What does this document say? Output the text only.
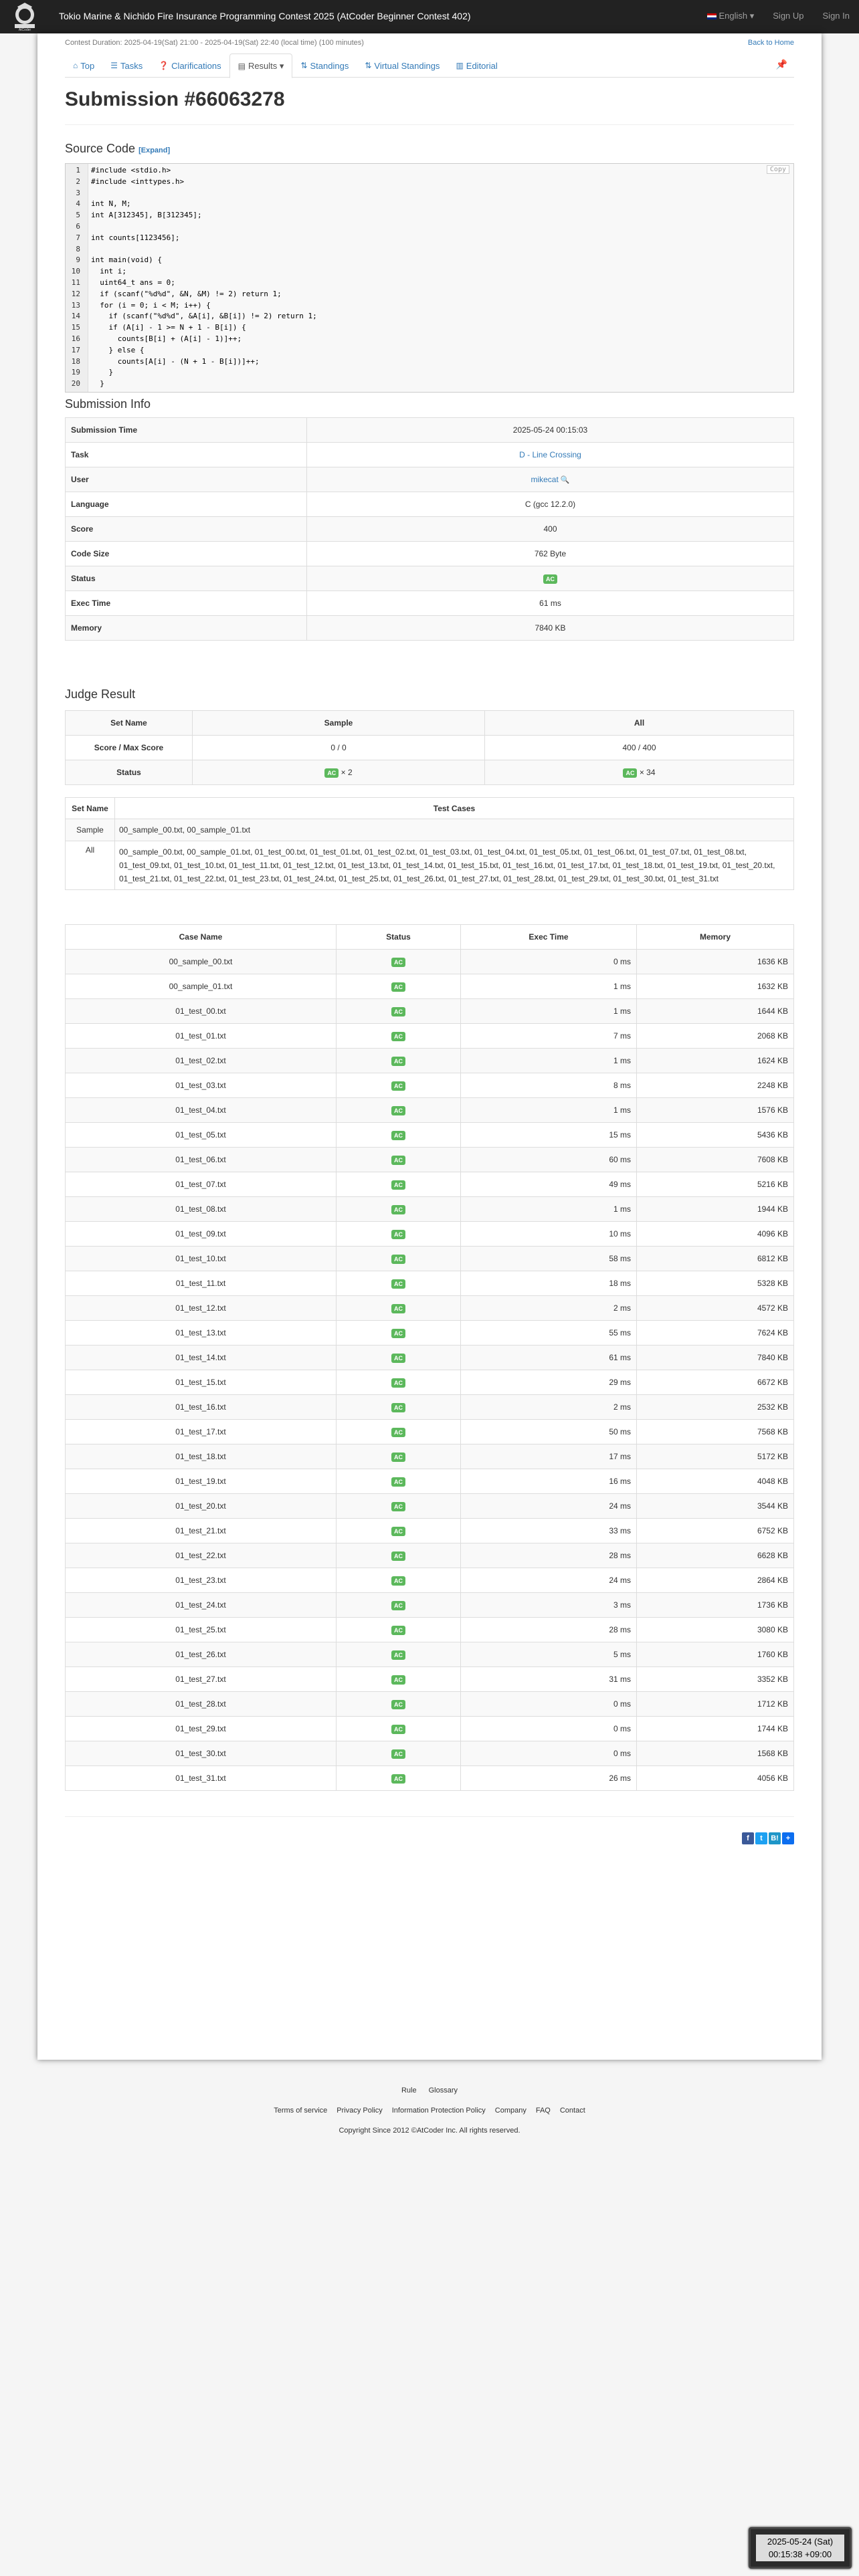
AtCoder
Tokio Marine & Nichido Fire Insurance Programming Contest 2025 (AtCoder Beginner Contest 402)	English ▾ Sign Up Sign In
Contest Duration: 2025-04-19(Sat) 21:00 - 2025-04-19(Sat) 22:40 (local time) (100 minutes)	Back to Home
⌂ Top ☰ Tasks ❓ Clarifications ▤ Results ▾	⇅ Standings ⇅ Virtual Standings ▥ Editorial	📌
Submission #66063278
Source Code [Expand]
Copy
1 #include <stdio.h>
2 #include <inttypes.h>
3
4 int N, M;
5 int A[312345], B[312345];
6
7 int counts[1123456];
8
9 int main(void) {
10 int i;
11 uint64_t ans = 0;
12 if (scanf("%d%d", &N, &M) != 2) return 1;
13 for (i = 0; i < M; i++) {
14 if (scanf("%d%d", &A[i], &B[i]) != 2) return 1;
15 if (A[i] - 1 >= N + 1 - B[i]) {
16 counts[B[i] + (A[i] - 1)]++;
17 } else {
18 counts[A[i] - (N + 1 - B[i])]++;
19 }
20 }
Submission Info
Submission Time	2025-05-24 00:15:03
Task	D - Line Crossing
User	mikecat 🔍
Language	C (gcc 12.2.0)
Score	400
Code Size	762 Byte
Status	AC
Exec Time	61 ms
Memory	7840 KB
Judge Result
Set Name	Sample	All
Score / Max Score	0 / 0	400 / 400
Status	AC × 2	AC × 34
Set Name	Test Cases
Sample	00_sample_00.txt, 00_sample_01.txt
All	00_sample_00.txt, 00_sample_01.txt, 01_test_00.txt, 01_test_01.txt, 01_test_02.txt, 01_test_03.txt, 01_test_04.txt, 01_test_05.txt, 01_test_06.txt, 01_test_07.txt, 01_test_08.txt, 01_test_09.txt, 01_test_10.txt, 01_test_11.txt, 01_test_12.txt, 01_test_13.txt, 01_test_14.txt, 01_test_15.txt, 01_test_16.txt, 01_test_17.txt, 01_test_18.txt, 01_test_19.txt, 01_test_20.txt, 01_test_21.txt, 01_test_22.txt, 01_test_23.txt, 01_test_24.txt, 01_test_25.txt, 01_test_26.txt, 01_test_27.txt, 01_test_28.txt, 01_test_29.txt, 01_test_30.txt, 01_test_31.txt
Case Name	Status	Exec Time	Memory
00_sample_00.txt	AC	0 ms	1636 KB
00_sample_01.txt	AC	1 ms	1632 KB
01_test_00.txt	AC	1 ms	1644 KB
01_test_01.txt	AC	7 ms	2068 KB
01_test_02.txt	AC	1 ms	1624 KB
01_test_03.txt	AC	8 ms	2248 KB
01_test_04.txt	AC	1 ms	1576 KB
01_test_05.txt	AC	15 ms	5436 KB
01_test_06.txt	AC	60 ms	7608 KB
01_test_07.txt	AC	49 ms	5216 KB
01_test_08.txt	AC	1 ms	1944 KB
01_test_09.txt	AC	10 ms	4096 KB
01_test_10.txt	AC	58 ms	6812 KB
01_test_11.txt	AC	18 ms	5328 KB
01_test_12.txt	AC	2 ms	4572 KB
01_test_13.txt	AC	55 ms	7624 KB
01_test_14.txt	AC	61 ms	7840 KB
01_test_15.txt	AC	29 ms	6672 KB
01_test_16.txt	AC	2 ms	2532 KB
01_test_17.txt	AC	50 ms	7568 KB
01_test_18.txt	AC	17 ms	5172 KB
01_test_19.txt	AC	16 ms	4048 KB
01_test_20.txt	AC	24 ms	3544 KB
01_test_21.txt	AC	33 ms	6752 KB
01_test_22.txt	AC	28 ms	6628 KB
01_test_23.txt	AC	24 ms	2864 KB
01_test_24.txt	AC	3 ms	1736 KB
01_test_25.txt	AC	28 ms	3080 KB
01_test_26.txt	AC	5 ms	1760 KB
01_test_27.txt	AC	31 ms	3352 KB
01_test_28.txt	AC	0 ms	1712 KB
01_test_29.txt	AC	0 ms	1744 KB
01_test_30.txt	AC	0 ms	1568 KB
01_test_31.txt	AC	26 ms	4056 KB
f	t	B! +
Rule Glossary
Terms of service Privacy Policy Information Protection Policy Company FAQ Contact
Copyright Since 2012 ©AtCoder Inc. All rights reserved.
2025-05-24 (Sat)
00:15:38 +09:00
